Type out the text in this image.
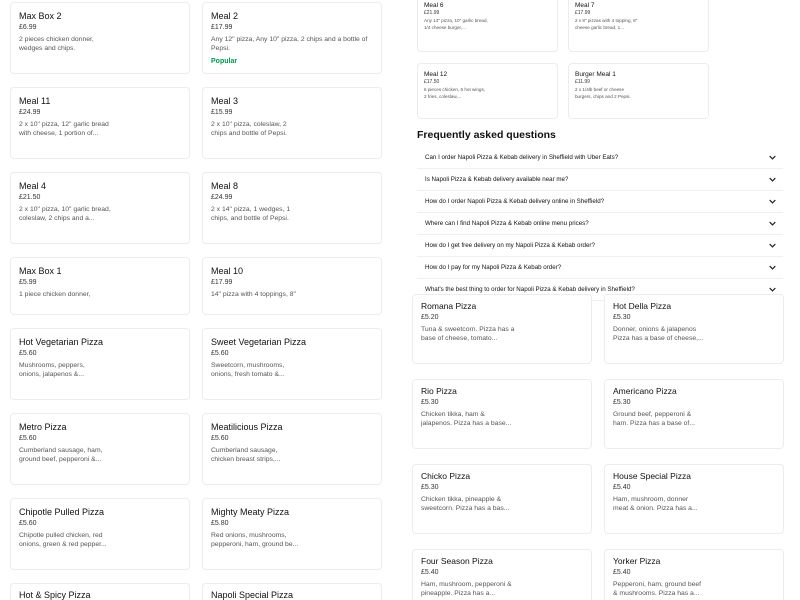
Max Box 2
£6.99
2 pieces chicken donner, wedges and chips.
Meal 2
£17.99
Any 12" pizza, Any 10" pizza, 2 chips and a bottle of Pepsi.
Popular
Meal 11
£24.99
2 x 10" pizza, 12" garlic bread with cheese, 1 portion of...
Meal 3
£15.99
2 x 10" pizza, coleslaw, 2 chips and bottle of Pepsi.
Meal 4
£21.50
2 x 10" pizza, 10" garlic bread, coleslaw, 2 chips and a...
Meal 8
£24.99
2 x 14" pizza, 1 wedges, 1 chips, and bottle of Pepsi.
Max Box 1
£5.99
1 piece chicken donner,
Meal 10
£17.99
14" pizza with 4 toppings, 8"
Hot Vegetarian Pizza
£5.60
Mushrooms, peppers, onions, jalapenos &...
Sweet Vegetarian Pizza
£5.60
Sweetcorn, mushrooms, onions, fresh tomato &...
Metro Pizza
£5.60
Cumberland sausage, ham, ground beef, pepperoni &...
Meatilicious Pizza
£5.60
Cumberland sausage, chicken breast strips,...
Chipotle Pulled Pizza
£5.60
Chipotle pulled chicken, red onions, green & red pepper...
Mighty Meaty Pizza
£5.80
Red onions, mushrooms, pepperoni, ham, ground be...
Hot & Spicy Pizza	Napoli Special Pizza
Meal 6
£21.99
Any 14" pizza, 10" garlic bread, 1/4 cheese burger,...
Meal 7
£17.99
2 x 8" pizzas with 4 topping, 8" cheese garlic bread, 1...
Meal 12
£17.50
6 pieces chicken, 6 hot wings, 2 fries, coleslaw,...
Burger Meal 1
£11.99
2 x 1/4lb beef or cheese burgers, chips and 2 Pepsi.
Frequently asked questions
Can I order Napoli Pizza & Kebab delivery in Sheffield with Uber Eats?
Is Napoli Pizza & Kebab delivery available near me?
How do I order Napoli Pizza & Kebab delivery online in Sheffield?
Where can I find Napoli Pizza & Kebab online menu prices?
How do I get free delivery on my Napoli Pizza & Kebab order?
How do I pay for my Napoli Pizza & Kebab order?
What's the best thing to order for Napoli Pizza & Kebab delivery in Sheffield?
Romana Pizza
£5.20
Tuna & sweetcorn. Pizza has a base of cheese, tomato...
Hot Della Pizza
£5.30
Donner, onions & jalapenos Pizza has a base of cheese,...
Rio Pizza
£5.30
Chicken tikka, ham & jalapenos. Pizza has a base...
Americano Pizza
£5.30
Ground beef, pepperoni & ham. Pizza has a base of...
Chicko Pizza
£5.30
Chicken tikka, pineapple & sweetcorn. Pizza has a bas...
House Special Pizza
£5.40
Ham, mushroom, donner meat & onion. Pizza has a...
Four Season Pizza
£5.40
Ham, mushroom, pepperoni & pineapple. Pizza has a...
Yorker Pizza
£5.40
Pepperoni, ham, ground beef & mushrooms. Pizza has a...
